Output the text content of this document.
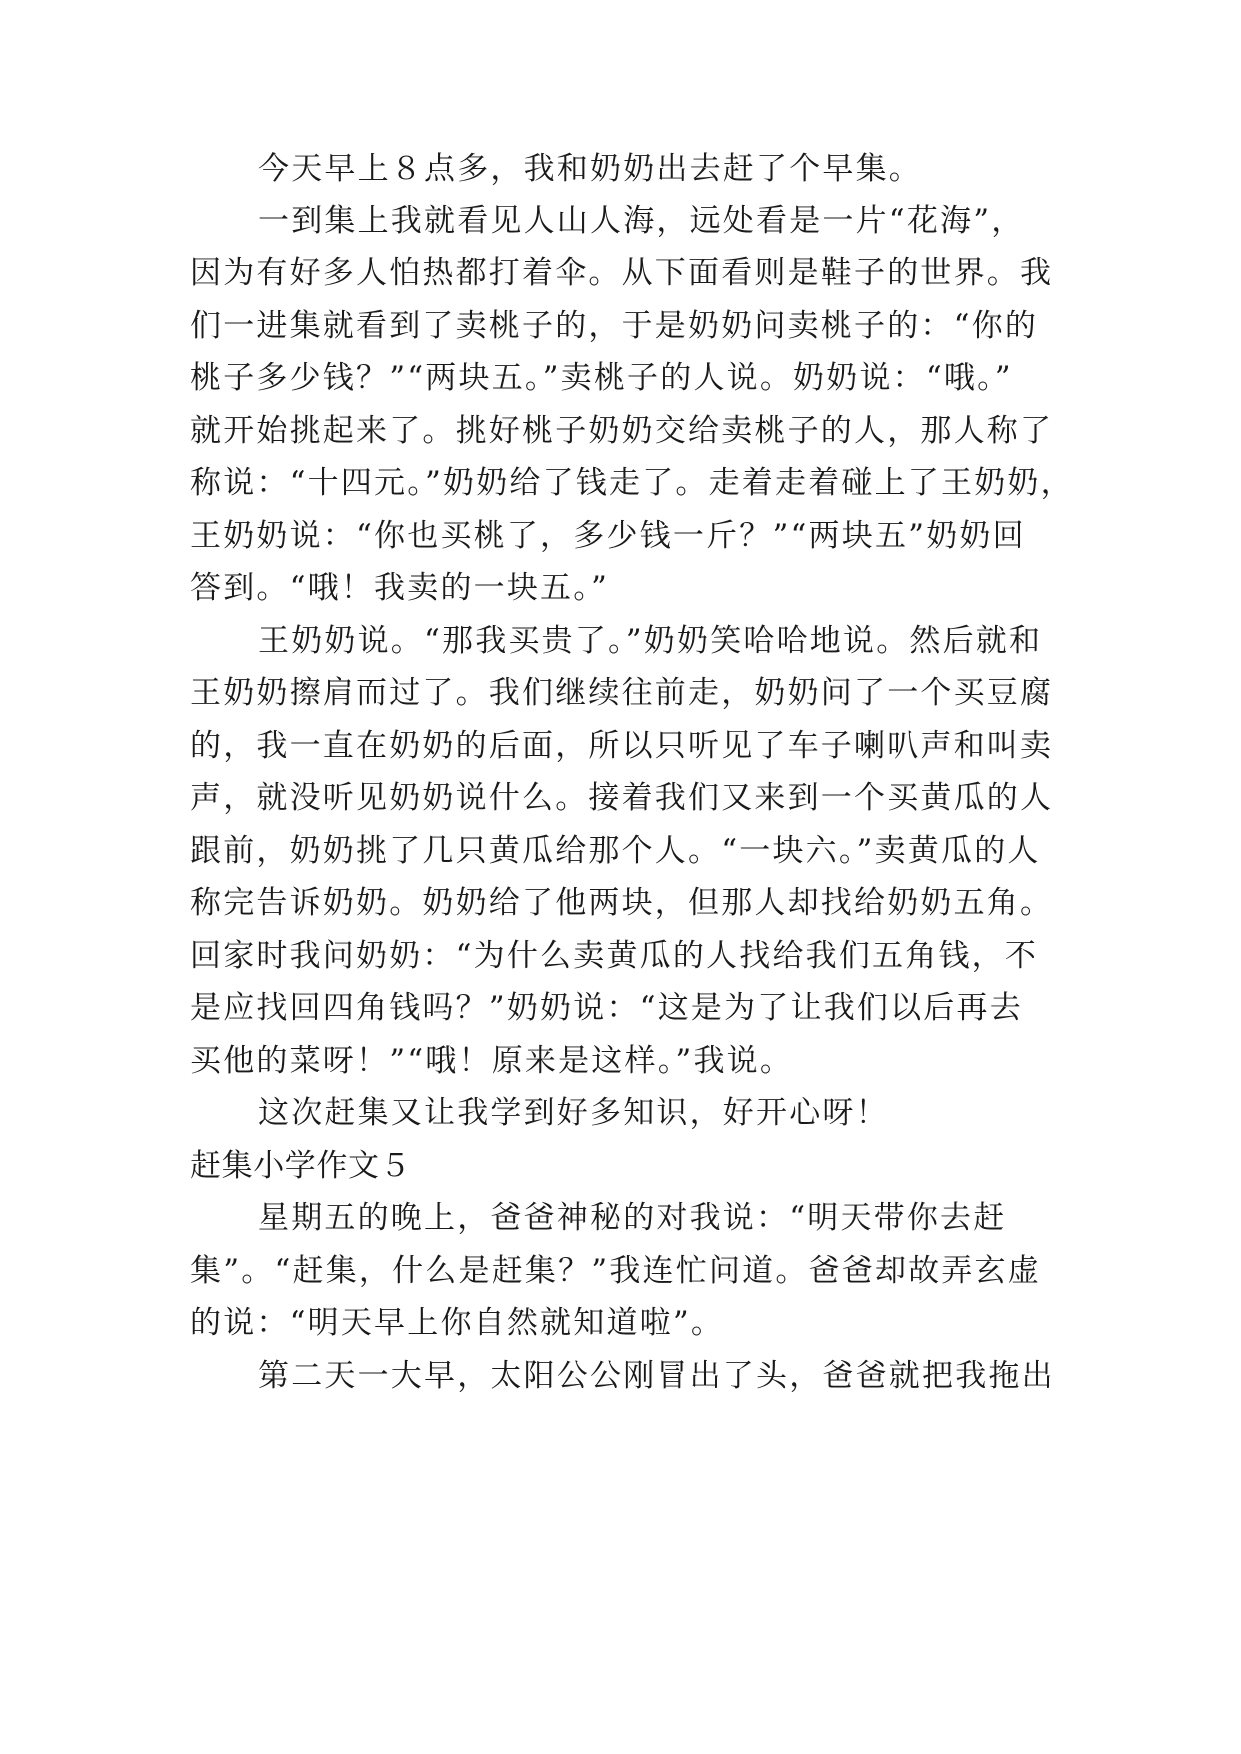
今天早上８点多，我和奶奶出去赶了个早集。
一到集上我就看见人山人海，远处看是一片“花海”，
因为有好多人怕热都打着伞。从下面看则是鞋子的世界。我
们一进集就看到了卖桃子的，于是奶奶问卖桃子的：“你的
桃子多少钱？”“两块五。”卖桃子的人说。奶奶说：“哦。”
就开始挑起来了。挑好桃子奶奶交给卖桃子的人，那人称了
称说：“十四元。”奶奶给了钱走了。走着走着碰上了王奶奶，
王奶奶说：“你也买桃了，多少钱一斤？”“两块五”奶奶回
答到。“哦！我卖的一块五。”
王奶奶说。“那我买贵了。”奶奶笑哈哈地说。然后就和
王奶奶擦肩而过了。我们继续往前走，奶奶问了一个买豆腐
的，我一直在奶奶的后面，所以只听见了车子喇叭声和叫卖
声，就没听见奶奶说什么。接着我们又来到一个买黄瓜的人
跟前，奶奶挑了几只黄瓜给那个人。“一块六。”卖黄瓜的人
称完告诉奶奶。奶奶给了他两块，但那人却找给奶奶五角。
回家时我问奶奶：“为什么卖黄瓜的人找给我们五角钱，不
是应找回四角钱吗？”奶奶说：“这是为了让我们以后再去
买他的菜呀！”“哦！原来是这样。”我说。
这次赶集又让我学到好多知识，好开心呀！
赶集小学作文５
星期五的晚上，爸爸神秘的对我说：“明天带你去赶
集”。“赶集，什么是赶集？”我连忙问道。爸爸却故弄玄虚
的说：“明天早上你自然就知道啦”。
第二天一大早，太阳公公刚冒出了头，爸爸就把我拖出
